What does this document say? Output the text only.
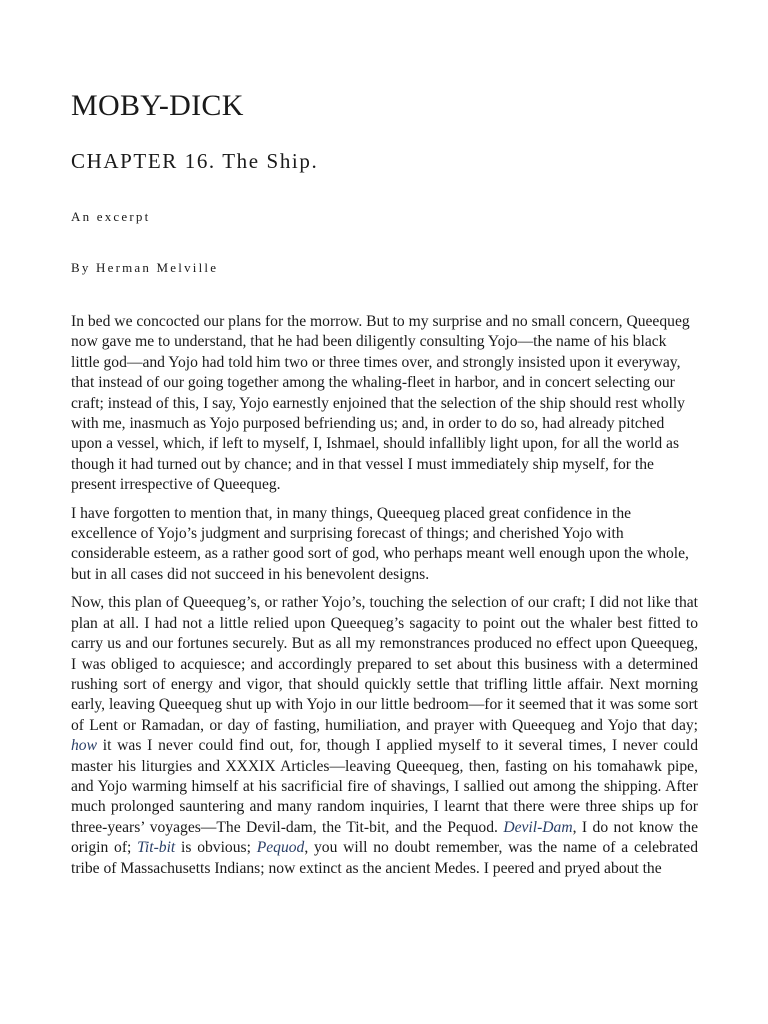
MOBY-DICK
CHAPTER 16. The Ship.
An excerpt
By Herman Melville

In bed we concocted our plans for the morrow. But to my surprise and no small concern, Queequeg now gave me to understand, that he had been diligently consulting Yojo—the name of his black little god—and Yojo had told him two or three times over, and strongly insisted upon it everyway, that instead of our going together among the whaling-fleet in harbor, and in concert selecting our craft; instead of this, I say, Yojo earnestly enjoined that the selection of the ship should rest wholly with me, inasmuch as Yojo purposed befriending us; and, in order to do so, had already pitched upon a vessel, which, if left to myself, I, Ishmael, should infallibly light upon, for all the world as though it had turned out by chance; and in that vessel I must immediately ship myself, for the present irrespective of Queequeg.

I have forgotten to mention that, in many things, Queequeg placed great confidence in the excellence of Yojo’s judgment and surprising forecast of things; and cherished Yojo with considerable esteem, as a rather good sort of god, who perhaps meant well enough upon the whole, but in all cases did not succeed in his benevolent designs.

Now, this plan of Queequeg’s, or rather Yojo’s, touching the selection of our craft; I did not like that plan at all. I had not a little relied upon Queequeg’s sagacity to point out the whaler best fitted to carry us and our fortunes securely. But as all my remonstrances produced no effect upon Queequeg, I was obliged to acquiesce; and accordingly prepared to set about this business with a determined rushing sort of energy and vigor, that should quickly settle that trifling little affair. Next morning early, leaving Queequeg shut up with Yojo in our little bedroom—for it seemed that it was some sort of Lent or Ramadan, or day of fasting, humiliation, and prayer with Queequeg and Yojo that day; how it was I never could find out, for, though I applied myself to it several times, I never could master his liturgies and XXXIX Articles—leaving Queequeg, then, fasting on his tomahawk pipe, and Yojo warming himself at his sacrificial fire of shavings, I sallied out among the shipping. After much prolonged sauntering and many random inquiries, I learnt that there were three ships up for three-years’ voyages—The Devil-dam, the Tit-bit, and the Pequod. Devil-Dam, I do not know the origin of; Tit-bit is obvious; Pequod, you will no doubt remember, was the name of a celebrated tribe of Massachusetts Indians; now extinct as the ancient Medes. I peered and pryed about the
